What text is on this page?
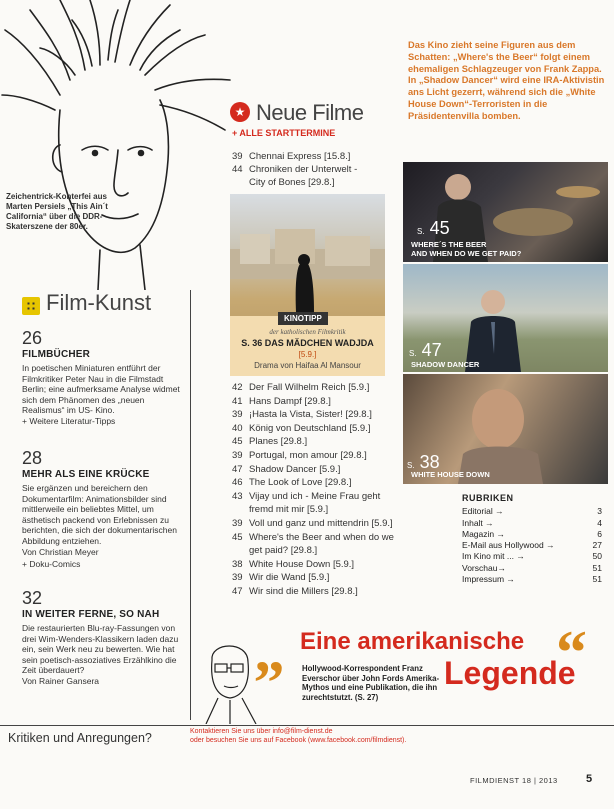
Zeichentrick-Konterfei aus Marten Persiels „This Ain´t California“ über die DDR-Skaterszene der 80er.
★ Neue Filme
+ ALLE STARTTERMINE
39 Chennai Express [15.8.]
44 Chroniken der Unterwelt -
City of Bones [29.8.]
KINOTIPP
der katholischen Filmkritik
S. 36 DAS MÄDCHEN WADJDA
[5.9.]
Drama von Haifaa Al Mansour
42 Der Fall Wilhelm Reich [5.9.]
41 Hans Dampf [29.8.]
39 ¡Hasta la Vista, Sister! [29.8.]
40 König von Deutschland [5.9.]
45 Planes [29.8.]
39 Portugal, mon amour [29.8.]
47 Shadow Dancer [5.9.]
46 The Look of Love [29.8.]
43 Vijay und ich - Meine Frau geht
fremd mit mir [5.9.]
39 Voll und ganz und mittendrin [5.9.]
45 Where's the Beer and when do we
get paid? [29.8.]
38 White House Down [5.9.]
39 Wir die Wand [5.9.]
47 Wir sind die Millers [29.8.]
Film-Kunst
26
FILMBÜCHER
In poetischen Miniaturen entführt der Filmkritiker Peter Nau in die Filmstadt Berlin; eine aufmerksame Analyse widmet sich dem Phänomen des „neuen Realismus“ im US- Kino.
+ Weitere Literatur-Tipps
28
MEHR ALS EINE KRÜCKE
Sie ergänzen und bereichern den Dokumentarfilm: Animationsbilder sind mittlerweile ein beliebtes Mittel, um ästhetisch packend von Erlebnissen zu berichten, die sich der dokumentarischen Abbildung entziehen.
Von Christian Meyer
+ Doku-Comics
32
IN WEITER FERNE, SO NAH
Die restaurierten Blu-ray-Fassungen von drei Wim-Wenders-Klassikern laden dazu ein, sein Werk neu zu bewerten. Wie hat sein poetisch-assoziatives Erzählkino die Zeit überdauert?
Von Rainer Gansera
Das Kino zieht seine Figuren aus dem Schatten: „Where's the Beer“ folgt einem ehemaligen Schlagzeuger von Frank Zappa. In „Shadow Dancer“ wird eine IRA-Aktivistin ans Licht gezerrt, während sich die „White House Down“-Terroristen in die Präsidentenvilla bomben.
S. 45
WHERE´S THE BEER
AND WHEN DO WE GET PAID?
S. 47
SHADOW DANCER
S. 38
WHITE HOUSE DOWN
RUBRIKEN
Editorial →	3
Inhalt →	4
Magazin →	6
E-Mail aus Hollywood →	27
Im Kino mit ... →	50
Vorschau→	51
Impressum →	51
„ Eine amerikanische
Legende
“
Hollywood-Korrespondent Franz Everschor über John Fords Amerika-Mythos und eine Publikation, die ihn zurechtstutzt. (S. 27)
Kritiken und Anregungen?	Kontaktieren Sie uns über info@film-dienst.de
oder besuchen Sie uns auf Facebook (www.facebook.com/filmdienst).
FILMDIENST 18 | 2013	5
